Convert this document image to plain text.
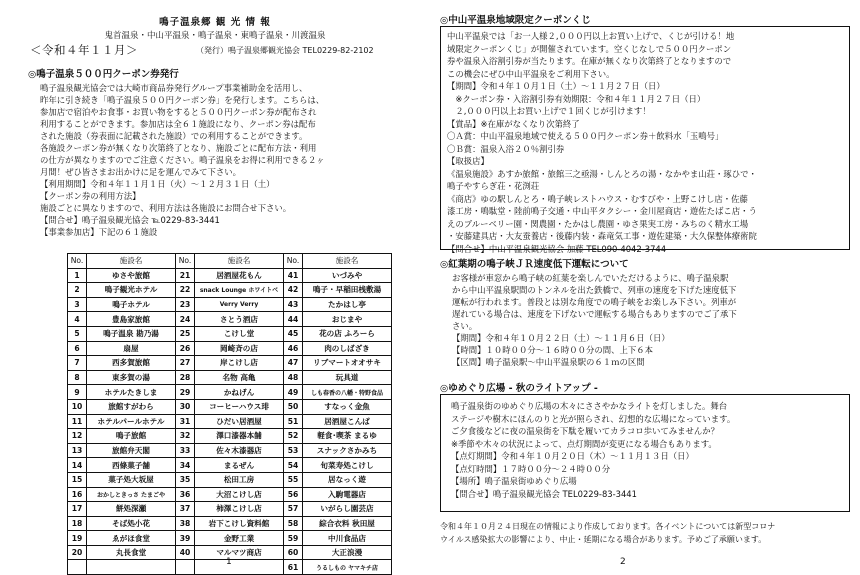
鳴子温泉郷 観 光 情 報
鬼首温泉・中山平温泉・鳴子温泉・東鳴子温泉・川渡温泉
＜令和４年１１月＞	（発行）鳴子温泉郷観光協会 TEL0229-82-2102
◎鳴子温泉５００円クーポン券発行
鳴子温泉観光協会では大崎市商品券発行グループ事業補助金を活用し、
昨年に引き続き「鳴子温泉５００円クーポン券」を発行します。こちらは、
参加店で宿泊やお食事・お買い物をすると５００円クーポン券が配布され
利用することができます。参加店は全６１施設になり、クーポン券は配布
された施設（券表面に記載された施設）での利用することができます。
各施設クーポン券が無くなり次第終了となり、施設ごとに配布方法・利用
の仕方が異なりますのでご注意ください。鳴子温泉をお得に利用できる２ヶ
月間！ぜひ皆さまお出かけに足を運んでみて下さい。
【利用期間】令和４年１１月１日（火）～１２月３１日（土）
【クーポン券の利用方法】
施設ごとに異なりますので、利用方法は各施設にお問合せ下さい。
【問合せ】鳴子温泉観光協会 ℡0229-83-3441
【事業参加店】下記の６１施設
No.	施設名	No.	施設名	No.	施設名
1	ゆさや旅館	21	居酒屋花もん	41	いづみや
2	鳴子観光ホテル	22	snack Lounge ホワイトベ	42	鳴子・早稲田桟敷湯
3	鳴子ホテル	23	Verry Verry	43	たかはし亭
4	豊島家旅館	24	さとう酒店	44	おじまや
5	鳴子温泉 勘乃湯	25	こけし堂	45	花の店 ふろーら
6	扇屋	26	岡崎斉の店	46	肉のしばざき
7	西多賀旅館	27	岸こけし店	47	リブマートオオサキ
8	東多賀の湯	28	名物 高亀	48	玩具道
9	ホテルたきしま	29	かねげん	49	しも春香の八幡・特野食品
10	旅館すがわら	30	コーヒーハウス琲	50	すなっく金魚
11	ホテルパールホテル	31	ひだい居酒屋	51	居酒屋こんぱ
12	鳴子旅館	32	澤口漆器本舗	52	軽食･喫茶 まるゆ
13	旅館弁天閣	33	佐々木漆器店	53	スナックさかみち
14	西條菓子舗	34	まるぜん	54	旬菜寿処こけし
15	菓子処大坂屋	35	松田工房	55	居なっく遊
16	おかしときっさ たまごや	36	大沼こけし店	56	入駒電器店
17	餅処深瀬	37	柿澤こけし店	57	いがらし園芸店
18	そば処小花	38	岩下こけし資料館	58	綜合衣料 秋田屋
19	ゑがほ食堂	39	金野工業	59	中川食品店
20	丸長食堂	40	マルマツ商店	60	大正浪漫
				61	うるしもの ヤマキチ店
1
◎中山平温泉地域限定クーポンくじ
中山平温泉では「お一人様２,０００円以上お買い上げで、くじが引ける！地
域限定クーポンくじ」が開催されています。空くじなしで５００円クーポン
券や温泉入浴割引券が当たります。在庫が無くなり次第終了となりますので
この機会にぜひ中山平温泉をご利用下さい。
【期間】令和４年１０月１日（土）～１１月２７日（日）
　※クーポン券・入浴割引券有効期限：令和４年１１月２７日（日）
　２,０００円以上お買い上げで１回くじが引けます！
【賞品】※在庫がなくなり次第終了
〇Ａ賞：中山平温泉地域で使える５００円クーポン券＋飲料水「玉鳴号」
〇Ｂ賞：温泉入浴２０％割引券
【取扱店】
《温泉施設》あすか旅館・旅館三之亟湯・しんとろの湯・なかやま山荘・琢ひで・
鳴子やすらぎ荘・花渕荘
《商店》ゆの駅しんとろ・鳴子峡レストハウス・むすびや・上野こけし店・佐藤
漆工房・鳴駄堂・陸前鳴子交通・中山平タクシー・金川屋商店・遊佐たばこ店・う
えのブルーベリー園・関農園・たかはし農園・ゆさ果実工房・みちのく精水工場
・安藤建具店・大友蚕養店・後藤内装・森竜気工事・遊佐建築・大久保整体療術院
【問合せ】中山平温泉観光協会 加藤 TEL090-4042-3744
◎紅葉期の鳴子峡ＪＲ速度低下運転について
お客様が車窓から鳴子峡の紅葉を楽しんでいただけるように、鳴子温泉駅
から中山平温泉駅間のトンネルを出た鉄橋で、列車の速度を下げた速度低下
運転が行われます。普段とは別な角度での鳴子峡をお楽しみ下さい。列車が
遅れている場合は、速度を下げないで運転する場合もありますのでご了承下
さい。
【期間】令和４年１０月２２日（土）～１１月６日（日）
【時間】１０時００分～１６時００分の間、上下６本
【区間】鳴子温泉駅～中山平温泉駅の６１ｍの区間
◎ゆめぐり広場 - 秋のライトアップ -
鳴子温泉街のゆめぐり広場の木々にささやかなライトを灯しました。舞台
ステージや樹木にほんのりと光が照らされ、幻想的な広場になっています。
ご夕食後などに夜の温泉街を下駄を履いてカラコロ歩いてみませんか？
※季節や木々の状況によって、点灯期間が変更になる場合もあります。
【点灯期間】令和４年１０月２０日（木）～１１月１３日（日）
【点灯時間】１７時００分～２４時００分
【場所】鳴子温泉街ゆめぐり広場
【問合せ】鳴子温泉観光協会 TEL0229-83-3441
令和４年１０月２４日現在の情報により作成しております。各イベントについては新型コロナ
ウイルス感染拡大の影響により、中止・延期になる場合があります。予めご了承願います。
2
